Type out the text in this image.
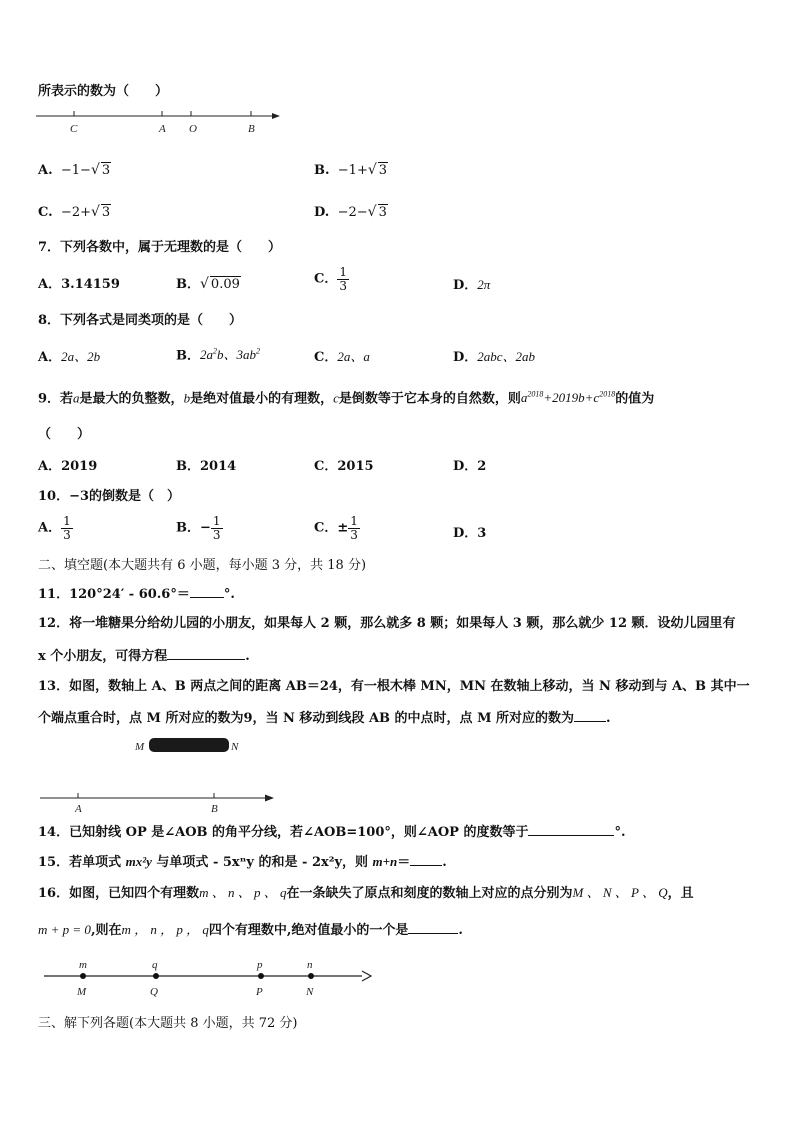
所表示的数为（　　）
C	A O	B
A. −1−√ 3	B. −1+√ 3
C. −2+√ 3	D. −2−√ 3
7．下列各数中，属于无理数的是（　　）
A．3.14159	B．√ 0.09	C． $\frac{1}{3}$	D．2π
8．下列各式是同类项的是（　　）
A．2a、2b	B．$2a^2b$、$3ab^2$	C．2a、a	D．2abc、2ab
9．若a是最大的负整数，b是绝对值最小的有理数，c是倒数等于它本身的自然数，则$a^{2018}+2019b+c^{2018}$的值为
（　　）
A．2019	B．2014	C．2015	D．2
10．−3的倒数是（　）
A． $\frac{1}{3}$	B．− $\frac{1}{3}$	C．± $\frac{1}{3}$	D．3
二、填空题(本大题共有 6 小题，每小题 3 分，共 18 分)
11．120°24′ - 60.6°＝	°.
12．将一堆糖果分给幼儿园的小朋友，如果每人 2 颗，那么就多 8 颗；如果每人 3 颗，那么就少 12 颗．设幼儿园里有
x 个小朋友，可得方程	.
13．如图，数轴上 A、B 两点之间的距离 AB＝24，有一根木棒 MN，MN 在数轴上移动，当 N 移动到与 A、B 其中一
个端点重合时，点 M 所对应的数为9，当 N 移动到线段 AB 的中点时，点 M 所对应的数为 .
M	N
A	B
14．已知射线 OP 是∠AOB 的角平分线，若∠AOB=100°，则∠AOP 的度数等于	°.
15．若单项式 mx²y 与单项式 - 5xⁿy 的和是 - 2x²y，则 m+n＝ .
16．如图，已知四个有理数m 、 n 、 p 、 q在一条缺失了原点和刻度的数轴上对应的点分别为M 、 N 、 P 、 Q，且
m + p = 0,则在m ， n ， p ， q四个有理数中,绝对值最小的一个是	.
m	q	p	n
M	Q	P	N
三、解下列各题(本大题共 8 小题，共 72 分)
